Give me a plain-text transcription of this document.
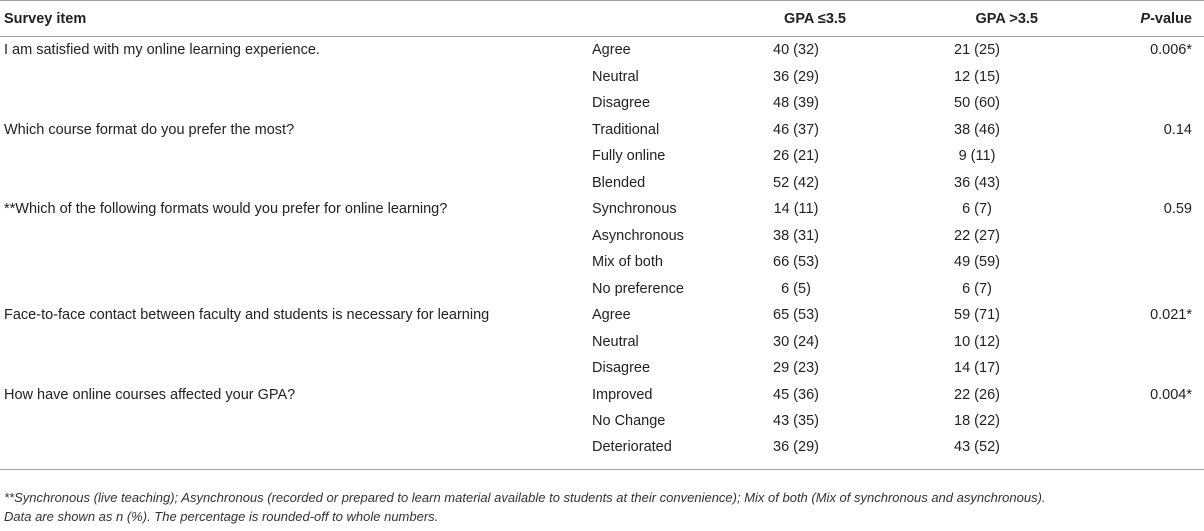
Survey item		GPA ≤3.5	GPA >3.5	P-value
I am satisfied with my online learning experience.	Agree	40 (32)	21 (25)	0.006*
	Neutral	36 (29)	12 (15)	
	Disagree	48 (39)	50 (60)	
Which course format do you prefer the most?	Traditional	46 (37)	38 (46)	0.14
	Fully online	26 (21)	9 (11)	
	Blended	52 (42)	36 (43)	
**Which of the following formats would you prefer for online learning?	Synchronous	14 (11)	6 (7)	0.59
	Asynchronous	38 (31)	22 (27)	
	Mix of both	66 (53)	49 (59)	
	No preference	6 (5)	6 (7)	
Face-to-face contact between faculty and students is necessary for learning	Agree	65 (53)	59 (71)	0.021*
	Neutral	30 (24)	10 (12)	
	Disagree	29 (23)	14 (17)	
How have online courses affected your GPA?	Improved	45 (36)	22 (26)	0.004*
	No Change	43 (35)	18 (22)	
	Deteriorated	36 (29)	43 (52)	
**Synchronous (live teaching); Asynchronous (recorded or prepared to learn material available to students at their convenience); Mix of both (Mix of synchronous and asynchronous).
Data are shown as n (%). The percentage is rounded-off to whole numbers.
